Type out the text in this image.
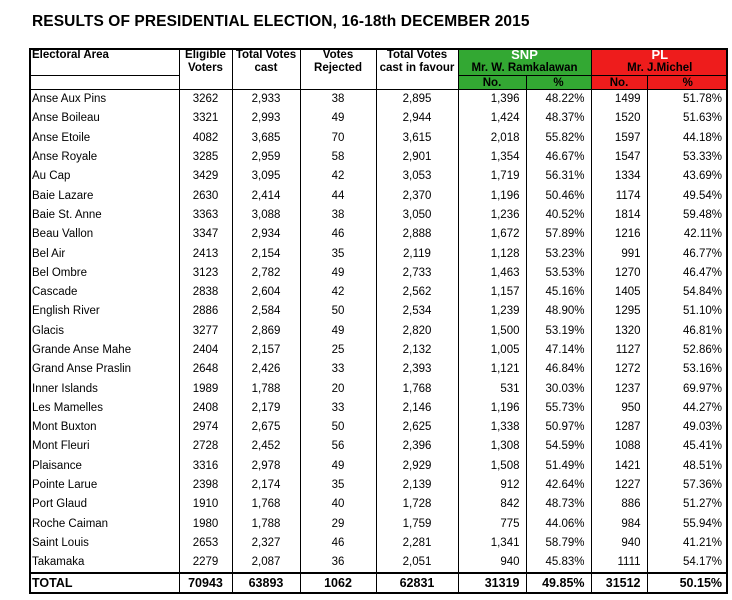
RESULTS OF PRESIDENTIAL ELECTION, 16-18th DECEMBER 2015
Electoral Area	Eligible	Total Votes	Votes	Total Votes	SNP		PL	
	Voters	cast	Rejected	cast in favour	Mr. W. Ramkalawan		Mr. J.Michel	
					No.	%	No.	%
Anse Aux Pins	3262	2,933	38	2,895	1,396	48.22%	1499	51.78%
Anse Boileau	3321	2,993	49	2,944	1,424	48.37%	1520	51.63%
Anse Etoile	4082	3,685	70	3,615	2,018	55.82%	1597	44.18%
Anse Royale	3285	2,959	58	2,901	1,354	46.67%	1547	53.33%
Au Cap	3429	3,095	42	3,053	1,719	56.31%	1334	43.69%
Baie Lazare	2630	2,414	44	2,370	1,196	50.46%	1174	49.54%
Baie St. Anne	3363	3,088	38	3,050	1,236	40.52%	1814	59.48%
Beau Vallon	3347	2,934	46	2,888	1,672	57.89%	1216	42.11%
Bel Air	2413	2,154	35	2,119	1,128	53.23%	991	46.77%
Bel Ombre	3123	2,782	49	2,733	1,463	53.53%	1270	46.47%
Cascade	2838	2,604	42	2,562	1,157	45.16%	1405	54.84%
English River	2886	2,584	50	2,534	1,239	48.90%	1295	51.10%
Glacis	3277	2,869	49	2,820	1,500	53.19%	1320	46.81%
Grande Anse Mahe	2404	2,157	25	2,132	1,005	47.14%	1127	52.86%
Grand Anse Praslin	2648	2,426	33	2,393	1,121	46.84%	1272	53.16%
Inner Islands	1989	1,788	20	1,768	531	30.03%	1237	69.97%
Les Mamelles	2408	2,179	33	2,146	1,196	55.73%	950	44.27%
Mont Buxton	2974	2,675	50	2,625	1,338	50.97%	1287	49.03%
Mont Fleuri	2728	2,452	56	2,396	1,308	54.59%	1088	45.41%
Plaisance	3316	2,978	49	2,929	1,508	51.49%	1421	48.51%
Pointe Larue	2398	2,174	35	2,139	912	42.64%	1227	57.36%
Port Glaud	1910	1,768	40	1,728	842	48.73%	886	51.27%
Roche Caiman	1980	1,788	29	1,759	775	44.06%	984	55.94%
Saint Louis	2653	2,327	46	2,281	1,341	58.79%	940	41.21%
Takamaka	2279	2,087	36	2,051	940	45.83%	1111	54.17%
TOTAL	70943	63893	1062	62831	31319	49.85%	31512	50.15%
